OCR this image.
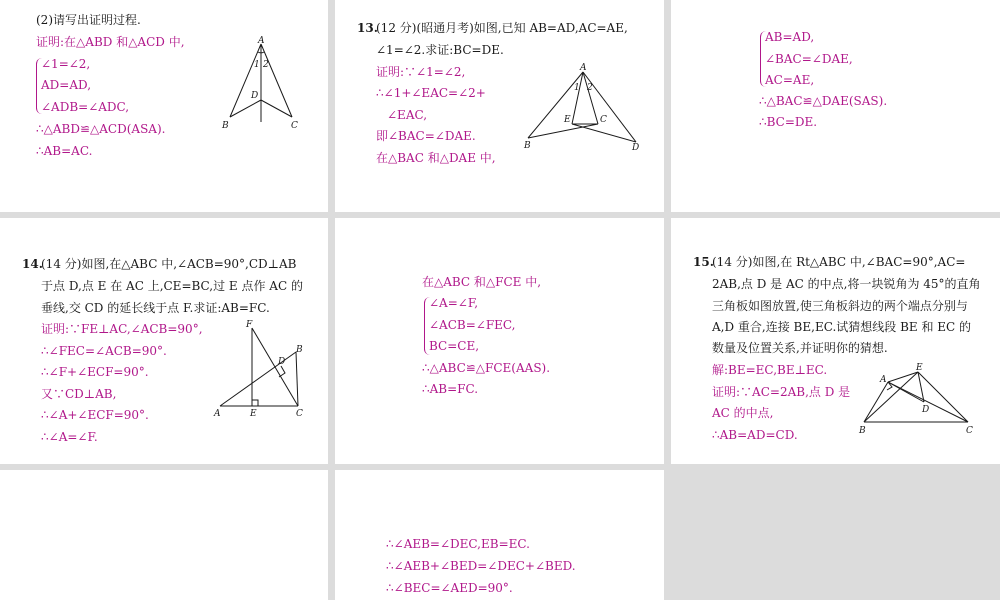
(2)请写出证明过程.
证明:在△ABD 和△ACD 中,
∠1=∠2,
AD=AD,
∠ADB=∠ADC,
∴△ABD≌△ACD(ASA).
∴AB=AC.
A
B	C
D
1 2
13.
(12 分)(昭通月考)如图,已知 AB=AD,AC=AE,
∠1=∠2.求证:BC=DE.
证明:∵∠1=∠2,
∴∠1+∠EAC=∠2+
∠EAC,
即∠BAC=∠DAE.
在△BAC 和△DAE 中,
A
B
C
D
E
1 2
AB=AD,
∠BAC=∠DAE,
AC=AE,
∴△BAC≌△DAE(SAS).
∴BC=DE.
14.
(14 分)如图,在△ABC 中,∠ACB=90°,CD⊥AB
于点 D,点 E 在 AC 上,CE=BC,过 E 点作 AC 的
垂线,交 CD 的延长线于点 F.求证:AB=FC.
证明:∵FE⊥AC,∠ACB=90°,
∴∠FEC=∠ACB=90°.
∴∠F+∠ECF=90°.
又∵CD⊥AB,
∴∠A+∠ECF=90°.
∴∠A=∠F.
A
B
C
D
E
F
在△ABC 和△FCE 中,
∠A=∠F,
∠ACB=∠FEC,
BC=CE,
∴△ABC≌△FCE(AAS).
∴AB=FC.
15.
(14 分)如图,在 Rt△ABC 中,∠BAC=90°,AC=
2AB,点 D 是 AC 的中点,将一块锐角为 45°的直角
三角板如图放置,使三角板斜边的两个端点分别与
A,D 重合,连接 BE,EC.试猜想线段 BE 和 EC 的
数量及位置关系,并证明你的猜想.
解:BE=EC,BE⊥EC.
证明:∵AC=2AB,点 D 是
AC 的中点,
∴AB=AD=CD.
A
B	C
D
E
∴∠AEB=∠DEC,EB=EC.
∴∠AEB+∠BED=∠DEC+∠BED.
∴∠BEC=∠AED=90°.
